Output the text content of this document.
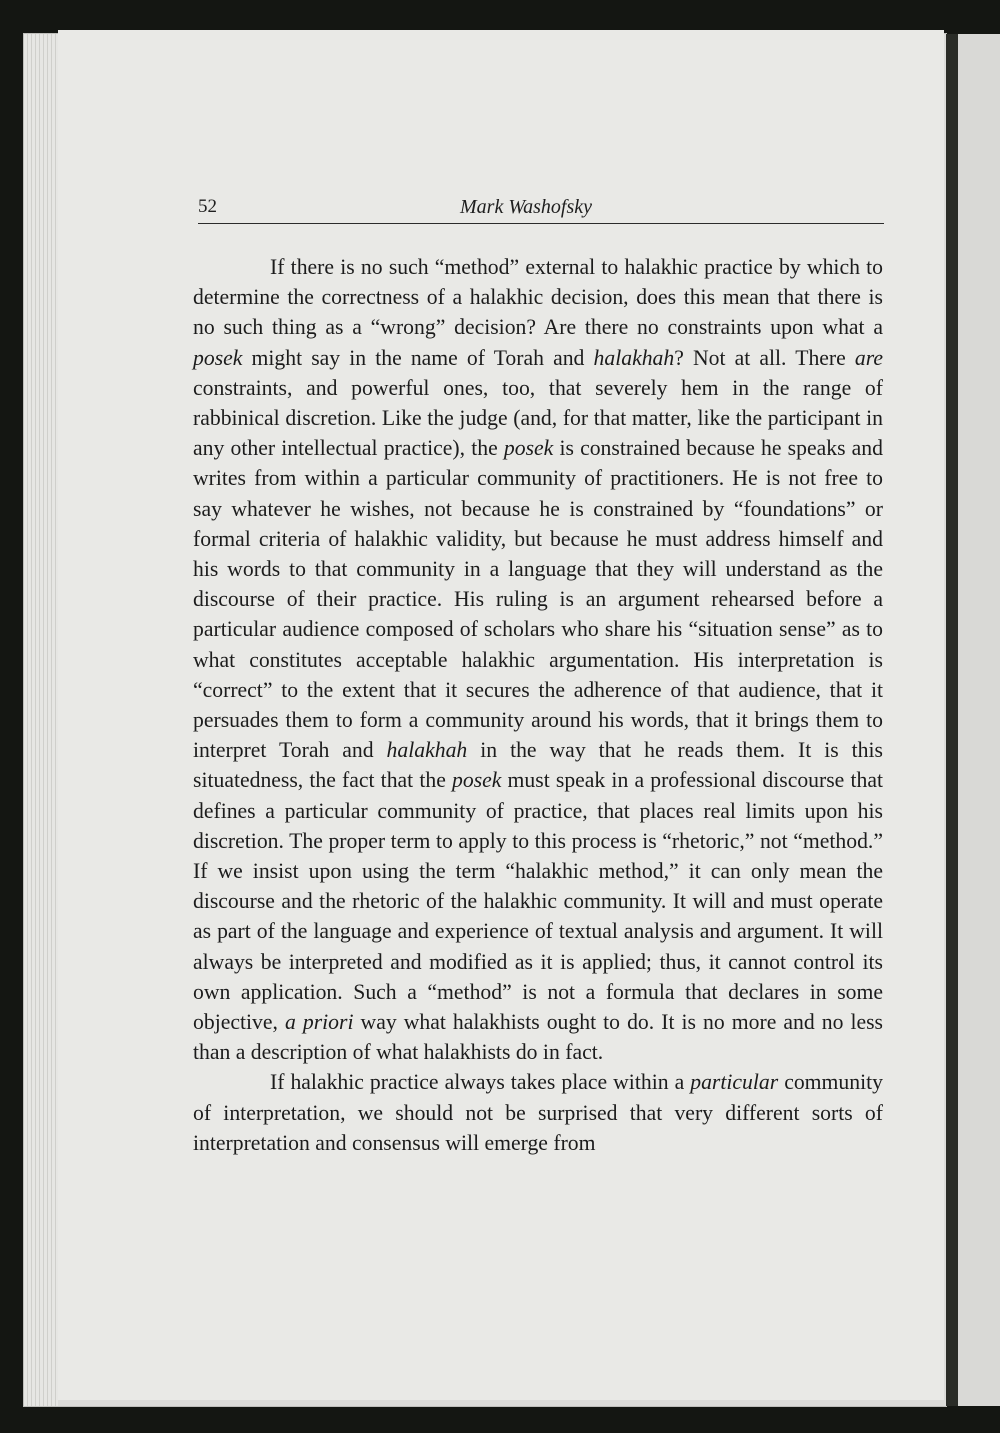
52	Mark Washofsky

If there is no such “method” external to halakhic practice by which to determine the correctness of a halakhic decision, does this mean that there is no such thing as a “wrong” decision? Are there no constraints upon what a posek might say in the name of Torah and halakhah? Not at all. There are constraints, and powerful ones, too, that severely hem in the range of rabbinical discretion. Like the judge (and, for that matter, like the participant in any other intellectual practice), the posek is constrained because he speaks and writes from within a particular community of practitioners. He is not free to say whatever he wishes, not because he is constrained by “foundations” or formal criteria of halakhic validity, but because he must address himself and his words to that community in a language that they will understand as the discourse of their practice. His ruling is an argument rehearsed before a particular audience composed of scholars who share his “situation sense” as to what constitutes acceptable halakhic argumentation. His interpretation is “correct” to the extent that it secures the adherence of that audience, that it persuades them to form a community around his words, that it brings them to interpret Torah and halakhah in the way that he reads them. It is this situatedness, the fact that the posek must speak in a professional discourse that defines a particular community of practice, that places real limits upon his discretion. The proper term to apply to this process is “rhetoric,” not “method.” If we insist upon using the term “halakhic method,” it can only mean the discourse and the rhetoric of the halakhic community. It will and must operate as part of the language and experience of textual analysis and argument. It will always be interpreted and modified as it is applied; thus, it cannot control its own application. Such a “method” is not a formula that declares in some objective, a priori way what halakhists ought to do. It is no more and no less than a description of what halakhists do in fact.

If halakhic practice always takes place within a particular community of interpretation, we should not be surprised that very different sorts of interpretation and consensus will emerge from
